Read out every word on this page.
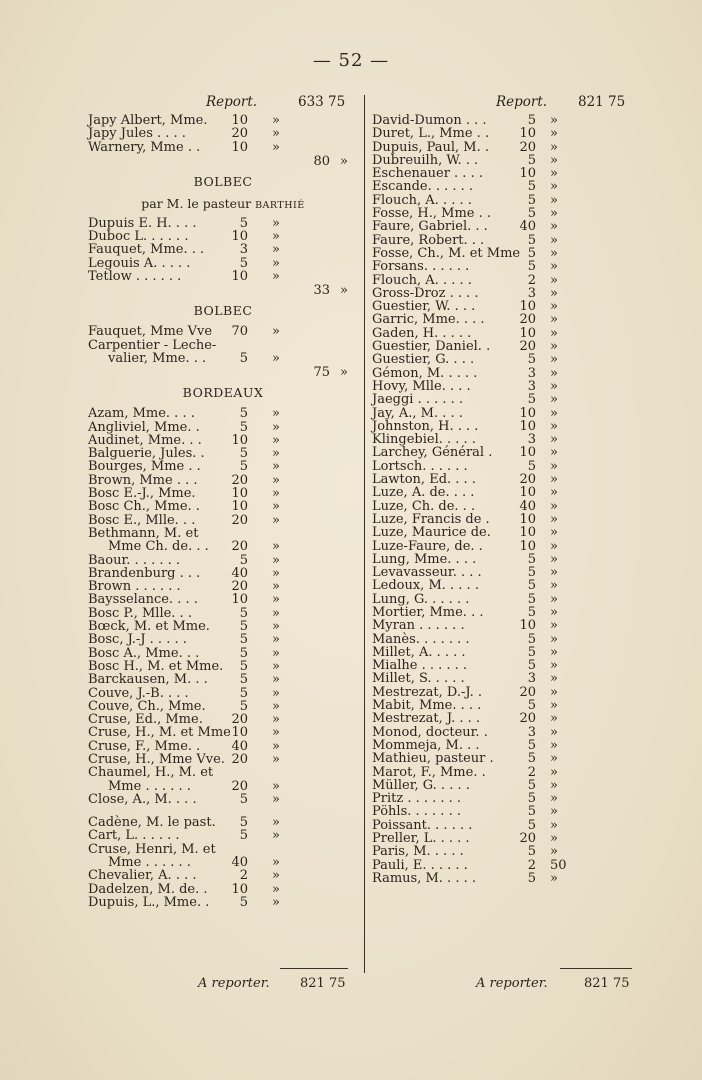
— 52 —
Report.	633 75
Japy Albert, Mme.	10 »
Japy Jules . . . .	20 »
Warnery, Mme . .	10 »
80 »
BOLBEC
par M. le pasteur BARTHIÉ
Dupuis E. H. . . .	5 »
Duboc L. . . . . .	10 »
Fauquet, Mme. . .	3 »
Legouis A. . . . .	5 »
Tetlow . . . . . .	10 »
33 »
BOLBEC
Fauquet, Mme Vve	70 »
Carpentier - Leche-
valier, Mme. . .	5 »
75 »
BORDEAUX
Azam, Mme. . . .	5 »
Angliviel, Mme. .	5 »
Audinet, Mme. . .	10 »
Balguerie, Jules. .	5 »
Bourges, Mme . .	5 »
Brown, Mme . . .	20 »
Bosc E.-J., Mme.	10 »
Bosc Ch., Mme. .	10 »
Bosc E., Mlle. . .	20 »
Bethmann, M. et
Mme Ch. de. . .	20 »
Baour. . . . . . .	5 »
Brandenburg . . .	40 »
Brown . . . . . .	20 »
Baysselance. . . .	10 »
Bosc P., Mlle. . .	5 »
Bœck, M. et Mme.	5 »
Bosc, J.-J . . . . .	5 »
Bosc A., Mme. . .	5 »
Bosc H., M. et Mme.	5 »
Barckausen, M. . .	5 »
Couve, J.-B. . . .	5 »
Couve, Ch., Mme.	5 »
Cruse, Ed., Mme.	20 »
Cruse, H., M. et Mme 10 »
Cruse, F., Mme. .	40 »
Cruse, H., Mme Vve. 20 »
Chaumel, H., M. et
Mme . . . . . .	20 »
Close, A., M. . . .	5 »
Cadène, M. le past.	5 »
Cart, L. . . . . .	5 »
Cruse, Henri, M. et
Mme . . . . . .	40 »
Chevalier, A. . . .	2 »
Dadelzen, M. de. .	10 »
Dupuis, L., Mme. .	5 »
Report. 821 75
David-Dumon . . .	5 »
Duret, L., Mme . .	10 »
Dupuis, Paul, M. .	20 »
Dubreuilh, W. . .	5 »
Eschenauer . . . .	10 »
Escande. . . . . .	5 »
Flouch, A. . . . .	5 »
Fosse, H., Mme . .	5 »
Faure, Gabriel. . .	40 »
Faure, Robert. . .	5 »
Fosse, Ch., M. et Mme 5 »
Forsans. . . . . .	5 »
Flouch, A. . . . .	2 »
Gross-Droz . . . .	3 »
Guestier, W. . . .	10 »
Garric, Mme. . . .	20 »
Gaden, H. . . . .	10 »
Guestier, Daniel. .	20 »
Guestier, G. . . .	5 »
Gémon, M. . . . .	3 »
Hovy, Mlle. . . .	3 »
Jaeggi . . . . . .	5 »
Jay, A., M. . . .	10 »
Johnston, H. . . .	10 »
Klingebiel. . . . .	3 »
Larchey, Général .	10 »
Lortsch. . . . . .	5 »
Lawton, Ed. . . .	20 »
Luze, A. de. . . .	10 »
Luze, Ch. de. . .	40 »
Luze, Francis de .	10 »
Luze, Maurice de.	10 »
Luze-Faure, de. .	10 »
Lung, Mme. . . .	5 »
Levavasseur. . . .	5 »
Ledoux, M. . . . .	5 »
Lung, G. . . . . .	5 »
Mortier, Mme. . .	5 »
Myran . . . . . .	10 »
Manès. . . . . . .	5 »
Millet, A. . . . .	5 »
Mialhe . . . . . .	5 »
Millet, S. . . . .	3 »
Mestrezat, D.-J. .	20 »
Mabit, Mme. . . .	5 »
Mestrezat, J. . . .	20 »
Monod, docteur. .	3 »
Mommeja, M. . .	5 »
Mathieu, pasteur .	5 »
Marot, F., Mme. .	2 »
Müller, G. . . . .	5 »
Pritz . . . . . . .	5 »
Pöhls. . . . . . .	5 »
Poissant. . . . . .	5 »
Preller, L. . . . .	20 »
Paris, M. . . . .	5 »
Pauli, E. . . . . .	2 50
Ramus, M. . . . .	5 »
A reporter. 821 75	A reporter.	821 75
